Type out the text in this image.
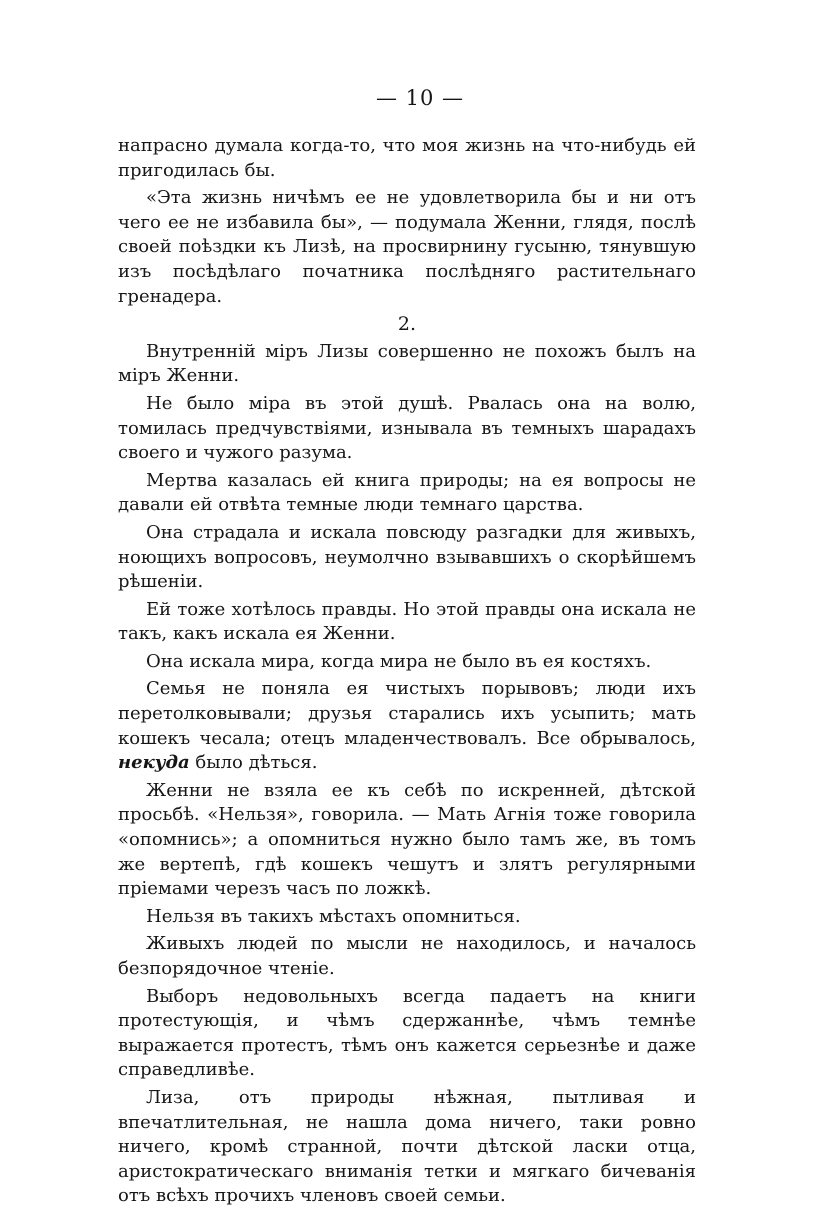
— 10 —

напрасно думала когда-то, что моя жизнь на что-нибудь ей пригодилась бы.

«Эта жизнь ничѣмъ ее не удовлетворила бы и ни отъ чего ее не избавила бы», — подумала Женни, глядя, послѣ своей поѣздки къ Лизѣ, на просвирнину гусыню, тянувшую изъ посѣдѣлаго початника послѣдняго растительнаго гренадера.

2.

Внутренній міръ Лизы совершенно не похожъ былъ на міръ Женни.

Не было міра въ этой душѣ. Рвалась она на волю, томилась предчувствіями, изнывала въ темныхъ шарадахъ своего и чужого разума.

Мертва казалась ей книга природы; на ея вопросы не давали ей отвѣта темные люди темнаго царства.

Она страдала и искала повсюду разгадки для живыхъ, ноющихъ вопросовъ, неумолчно взывавшихъ о скорѣйшемъ рѣшеніи.

Ей тоже хотѣлось правды. Но этой правды она искала не такъ, какъ искала ея Женни.

Она искала мира, когда мира не было въ ея костяхъ.

Семья не поняла ея чистыхъ порывовъ; люди ихъ перетолковывали; друзья старались ихъ усыпить; мать кошекъ чесала; отецъ младенчествовалъ. Все обрывалось, некуда было дѣться.

Женни не взяла ее къ себѣ по искренней, дѣтской просьбѣ. «Нельзя», говорила. — Мать Агнія тоже говорила «опомнись»; а опомниться нужно было тамъ же, въ томъ же вертепѣ, гдѣ кошекъ чешутъ и злятъ регулярными пріемами черезъ часъ по ложкѣ.

Нельзя въ такихъ мѣстахъ опомниться.

Живыхъ людей по мысли не находилось, и началось безпорядочное чтеніе.

Выборъ недовольныхъ всегда падаетъ на книги протестующія, и чѣмъ сдержаннѣе, чѣмъ темнѣе выражается протестъ, тѣмъ онъ кажется серьезнѣе и даже справедливѣе.

Лиза, отъ природы нѣжная, пытливая и впечатлительная, не нашла дома ничего, таки ровно ничего, кромѣ странной, почти дѣтской ласки отца, аристократическаго вниманія тетки и мягкаго бичеванія отъ всѣхъ прочихъ членовъ своей семьи.
